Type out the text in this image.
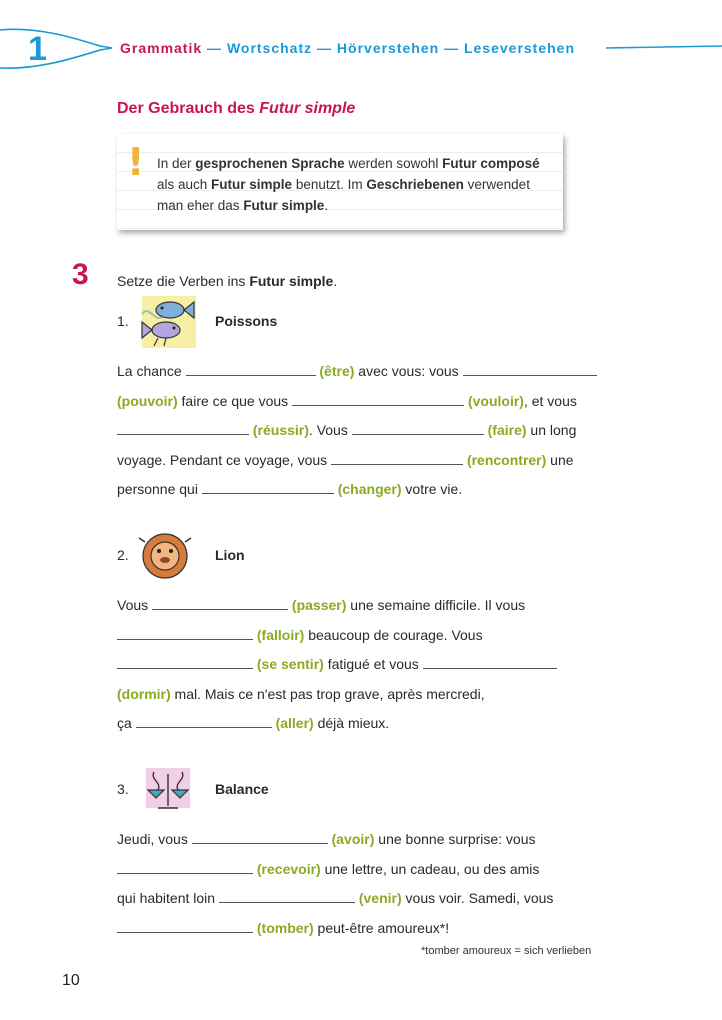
1	Grammatik — Wortschatz — Hörverstehen — Leseverstehen
Der Gebrauch des Futur simple
! In der gesprochenen Sprache werden sowohl Futur composé
als auch Futur simple benutzt. Im Geschriebenen verwendet
man eher das Futur simple.
3 Setze die Verben ins Futur simple.
1.	Poissons
La chance	(être) avec vous: vous
(pouvoir) faire ce que vous	(vouloir), et vous
(réussir). Vous	(faire) un long
voyage. Pendant ce voyage, vous	(rencontrer) une
personne qui	(changer) votre vie.
2.	Lion
Vous	(passer) une semaine difficile. Il vous
(falloir) beaucoup de courage. Vous
(se sentir) fatigué et vous
(dormir) mal. Mais ce n'est pas trop grave, après mercredi,
ça	(aller) déjà mieux.
3.	Balance
Jeudi, vous	(avoir) une bonne surprise: vous
(recevoir) une lettre, un cadeau, ou des amis
qui habitent loin	(venir) vous voir. Samedi, vous
(tomber) peut-être amoureux*!
*tomber amoureux = sich verlieben
10
